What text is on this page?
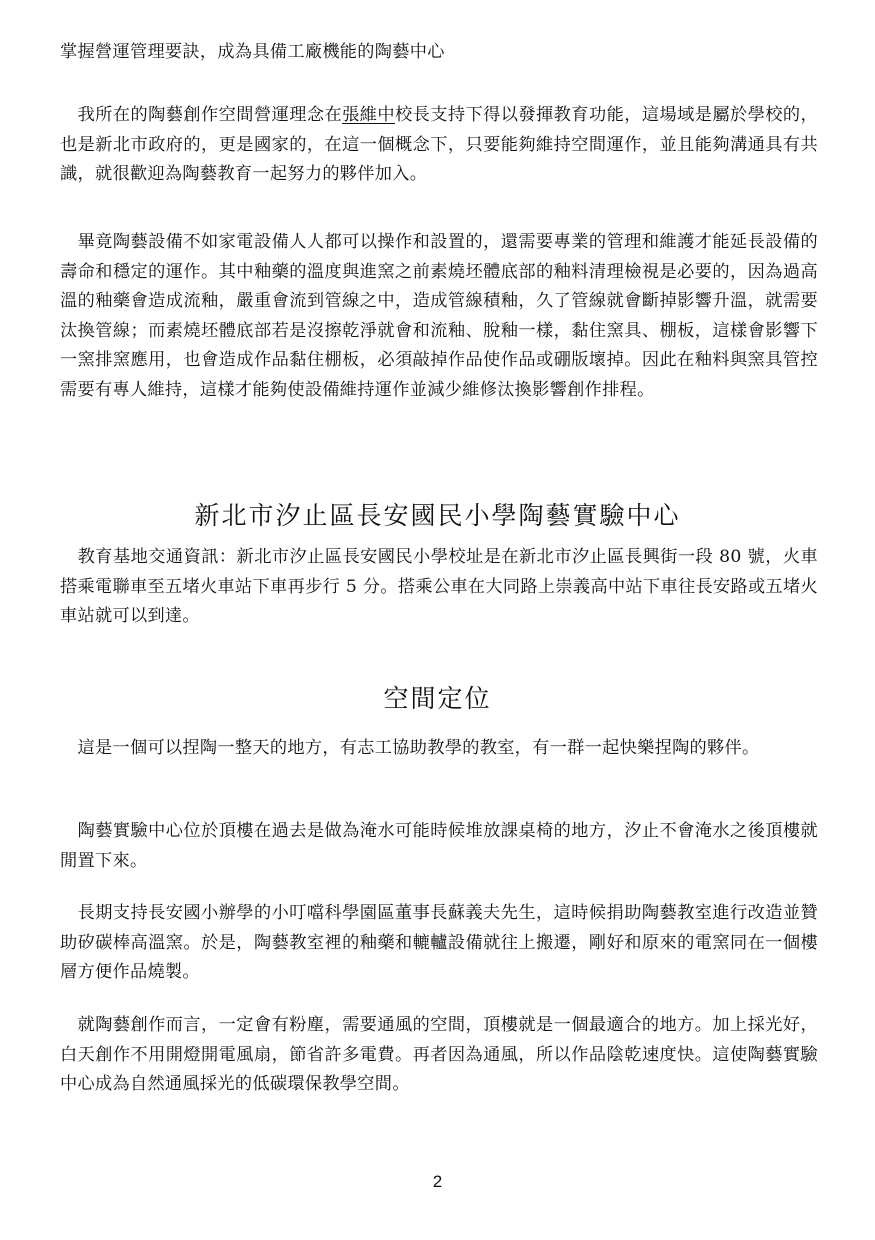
掌握營運管理要訣，成為具備工廠機能的陶藝中心

　我所在的陶藝創作空間營運理念在張維中校長支持下得以發揮教育功能，這場域是屬於學校的，也是新北市政府的，更是國家的，在這一個概念下，只要能夠維持空間運作，並且能夠溝通具有共識，就很歡迎為陶藝教育一起努力的夥伴加入。

　畢竟陶藝設備不如家電設備人人都可以操作和設置的，還需要專業的管理和維護才能延長設備的壽命和穩定的運作。其中釉藥的溫度與進窯之前素燒坯體底部的釉料清理檢視是必要的，因為過高溫的釉藥會造成流釉，嚴重會流到管線之中，造成管線積釉，久了管線就會斷掉影響升溫，就需要汰換管線；而素燒坯體底部若是沒擦乾淨就會和流釉、脫釉一樣，黏住窯具、棚板，這樣會影響下一窯排窯應用，也會造成作品黏住棚板，必須敲掉作品使作品或硼版壞掉。因此在釉料與窯具管控需要有專人維持，這樣才能夠使設備維持運作並減少維修汰換影響創作排程。

新北市汐止區長安國民小學陶藝實驗中心

　教育基地交通資訊：新北市汐止區長安國民小學校址是在新北市汐止區長興街一段 80 號，火車搭乘電聯車至五堵火車站下車再步行 5 分。搭乘公車在大同路上崇義高中站下車往長安路或五堵火車站就可以到達。

空間定位

　這是一個可以捏陶一整天的地方，有志工協助教學的教室，有一群一起快樂捏陶的夥伴。

　陶藝實驗中心位於頂樓在過去是做為淹水可能時候堆放課桌椅的地方，汐止不會淹水之後頂樓就閒置下來。

　長期支持長安國小辦學的小叮噹科學園區董事長蘇義夫先生，這時候捐助陶藝教室進行改造並贊助矽碳棒高溫窯。於是，陶藝教室裡的釉藥和轆轤設備就往上搬遷，剛好和原來的電窯同在一個樓層方便作品燒製。

　就陶藝創作而言，一定會有粉塵，需要通風的空間，頂樓就是一個最適合的地方。加上採光好，白天創作不用開燈開電風扇，節省許多電費。再者因為通風，所以作品陰乾速度快。這使陶藝實驗中心成為自然通風採光的低碳環保教學空間。

2
